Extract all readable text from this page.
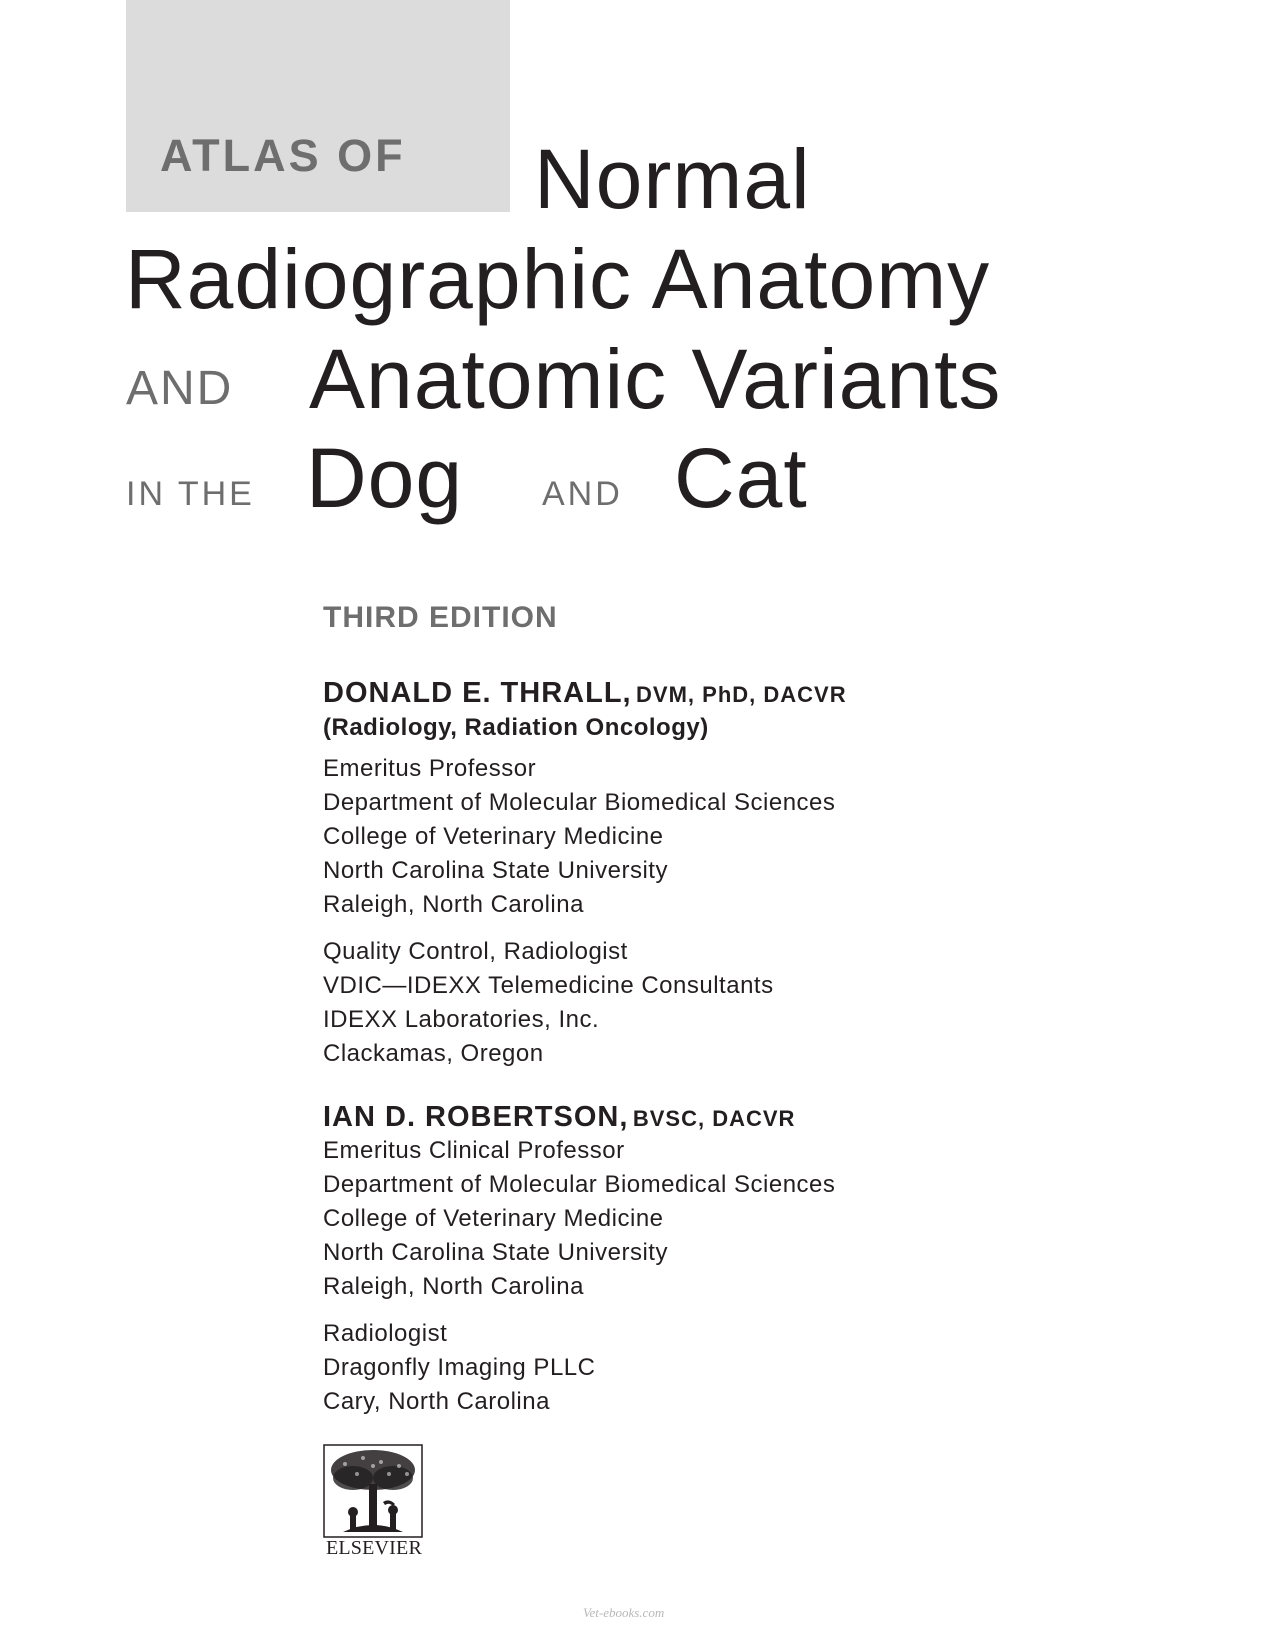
ATLAS OF Normal
Radiographic Anatomy
AND Anatomic Variants
IN THE Dog AND Cat
THIRD EDITION
DONALD E. THRALL, DVM, PhD, DACVR
(Radiology, Radiation Oncology)
Emeritus Professor
Department of Molecular Biomedical Sciences
College of Veterinary Medicine
North Carolina State University
Raleigh, North Carolina
Quality Control, Radiologist
VDIC—IDEXX Telemedicine Consultants
IDEXX Laboratories, Inc.
Clackamas, Oregon
IAN D. ROBERTSON, BVSC, DACVR
Emeritus Clinical Professor
Department of Molecular Biomedical Sciences
College of Veterinary Medicine
North Carolina State University
Raleigh, North Carolina
Radiologist
Dragonfly Imaging PLLC
Cary, North Carolina
ELSEVIER
Vet-ebooks.com
